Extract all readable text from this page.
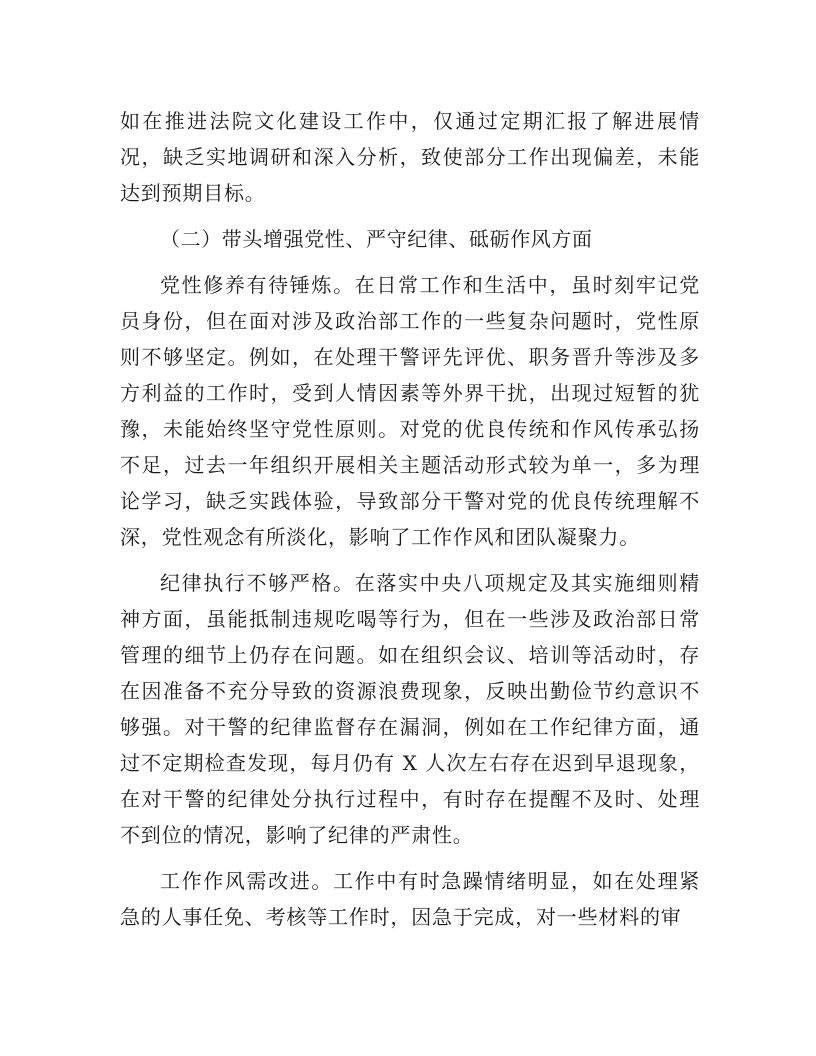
如在推进法院文化建设工作中，仅通过定期汇报了解进展情况，缺乏实地调研和深入分析，致使部分工作出现偏差，未能达到预期目标。

（二）带头增强党性、严守纪律、砥砺作风方面

党性修养有待锤炼。在日常工作和生活中，虽时刻牢记党员身份，但在面对涉及政治部工作的一些复杂问题时，党性原则不够坚定。例如，在处理干警评先评优、职务晋升等涉及多方利益的工作时，受到人情因素等外界干扰，出现过短暂的犹豫，未能始终坚守党性原则。对党的优良传统和作风传承弘扬不足，过去一年组织开展相关主题活动形式较为单一，多为理论学习，缺乏实践体验，导致部分干警对党的优良传统理解不深，党性观念有所淡化，影响了工作作风和团队凝聚力。

纪律执行不够严格。在落实中央八项规定及其实施细则精神方面，虽能抵制违规吃喝等行为，但在一些涉及政治部日常管理的细节上仍存在问题。如在组织会议、培训等活动时，存在因准备不充分导致的资源浪费现象，反映出勤俭节约意识不够强。对干警的纪律监督存在漏洞，例如在工作纪律方面，通过不定期检查发现，每月仍有 X 人次左右存在迟到早退现象，在对干警的纪律处分执行过程中，有时存在提醒不及时、处理不到位的情况，影响了纪律的严肃性。

工作作风需改进。工作中有时急躁情绪明显，如在处理紧急的人事任免、考核等工作时，因急于完成，对一些材料的审
